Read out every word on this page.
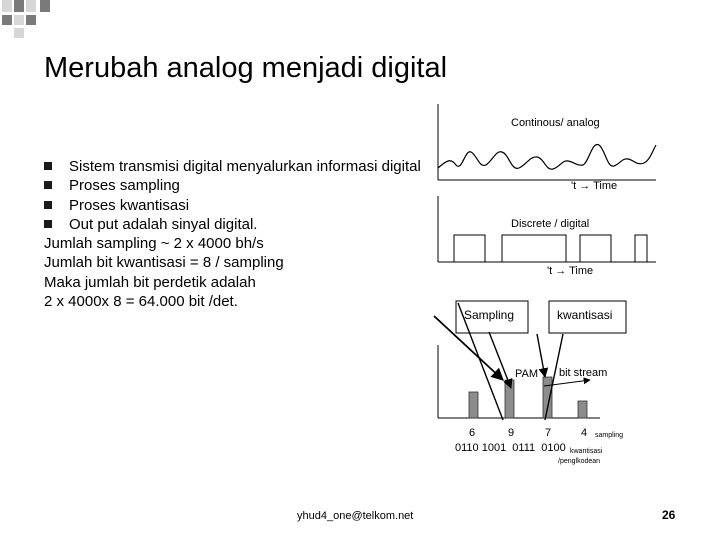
Merubah analog menjadi digital
Sistem transmisi digital menyalurkan informasi digital
Proses sampling
Proses kwantisasi
Out put adalah sinyal digital.
Jumlah sampling ~ 2 x 4000 bh/s
Jumlah bit kwantisasi = 8 / sampling
Maka jumlah bit perdetik adalah
2 x 4000x 8 = 64.000 bit /det.
Continous/ analog
't → Time
Discrete / digital
't → Time
Sampling	kwantisasi
PAM bit stream
6	9	7	4 sampling
0110 1001  0111  0100 kwantisasi
/penglkodean
yhud4_one@telkom.net	26
